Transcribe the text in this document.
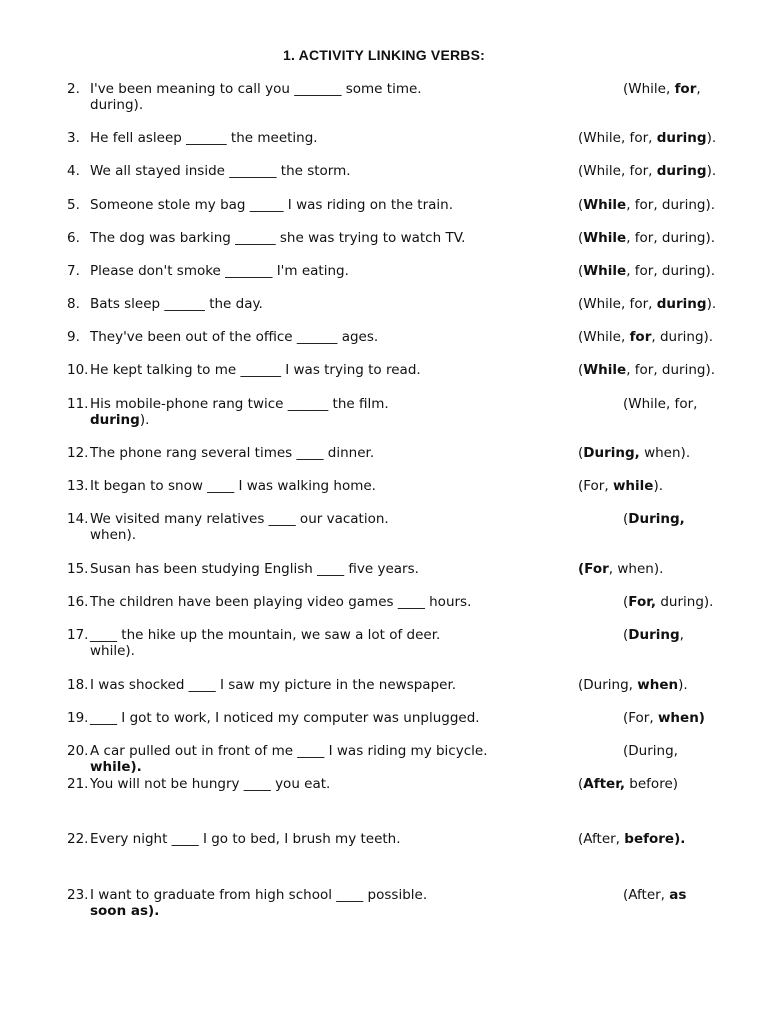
1. ACTIVITY LINKING VERBS:
2. I've been meaning to call you _______ some time.	(While, for,
during).
3. He fell asleep ______ the meeting.	(While, for, during).
4. We all stayed inside _______ the storm.	(While, for, during).
5. Someone stole my bag _____ I was riding on the train.	(While, for, during).
6. The dog was barking ______ she was trying to watch TV.	(While, for, during).
7. Please don't smoke _______ I'm eating.	(While, for, during).
8. Bats sleep ______ the day.	(While, for, during).
9. They've been out of the office ______ ages.	(While, for, during).
10. He kept talking to me ______ I was trying to read.	(While, for, during).
11. His mobile-phone rang twice ______ the film.	(While, for,
during).
12. The phone rang several times ____ dinner.	(During, when).
13. It began to snow ____ I was walking home.	(For, while).
14. We visited many relatives ____ our vacation.	(During,
when).
15. Susan has been studying English ____ five years.	(For, when).
16. The children have been playing video games ____ hours.	(For, during).
17. ____ the hike up the mountain, we saw a lot of deer.	(During,
while).
18. I was shocked ____ I saw my picture in the newspaper.	(During, when).
19. ____ I got to work, I noticed my computer was unplugged.	(For, when)
20. A car pulled out in front of me ____ I was riding my bicycle.	(During,
while).
21. You will not be hungry ____ you eat.	(After, before)
22. Every night ____ I go to bed, I brush my teeth.	(After, before).
23. I want to graduate from high school ____ possible.	(After, as
soon as).
